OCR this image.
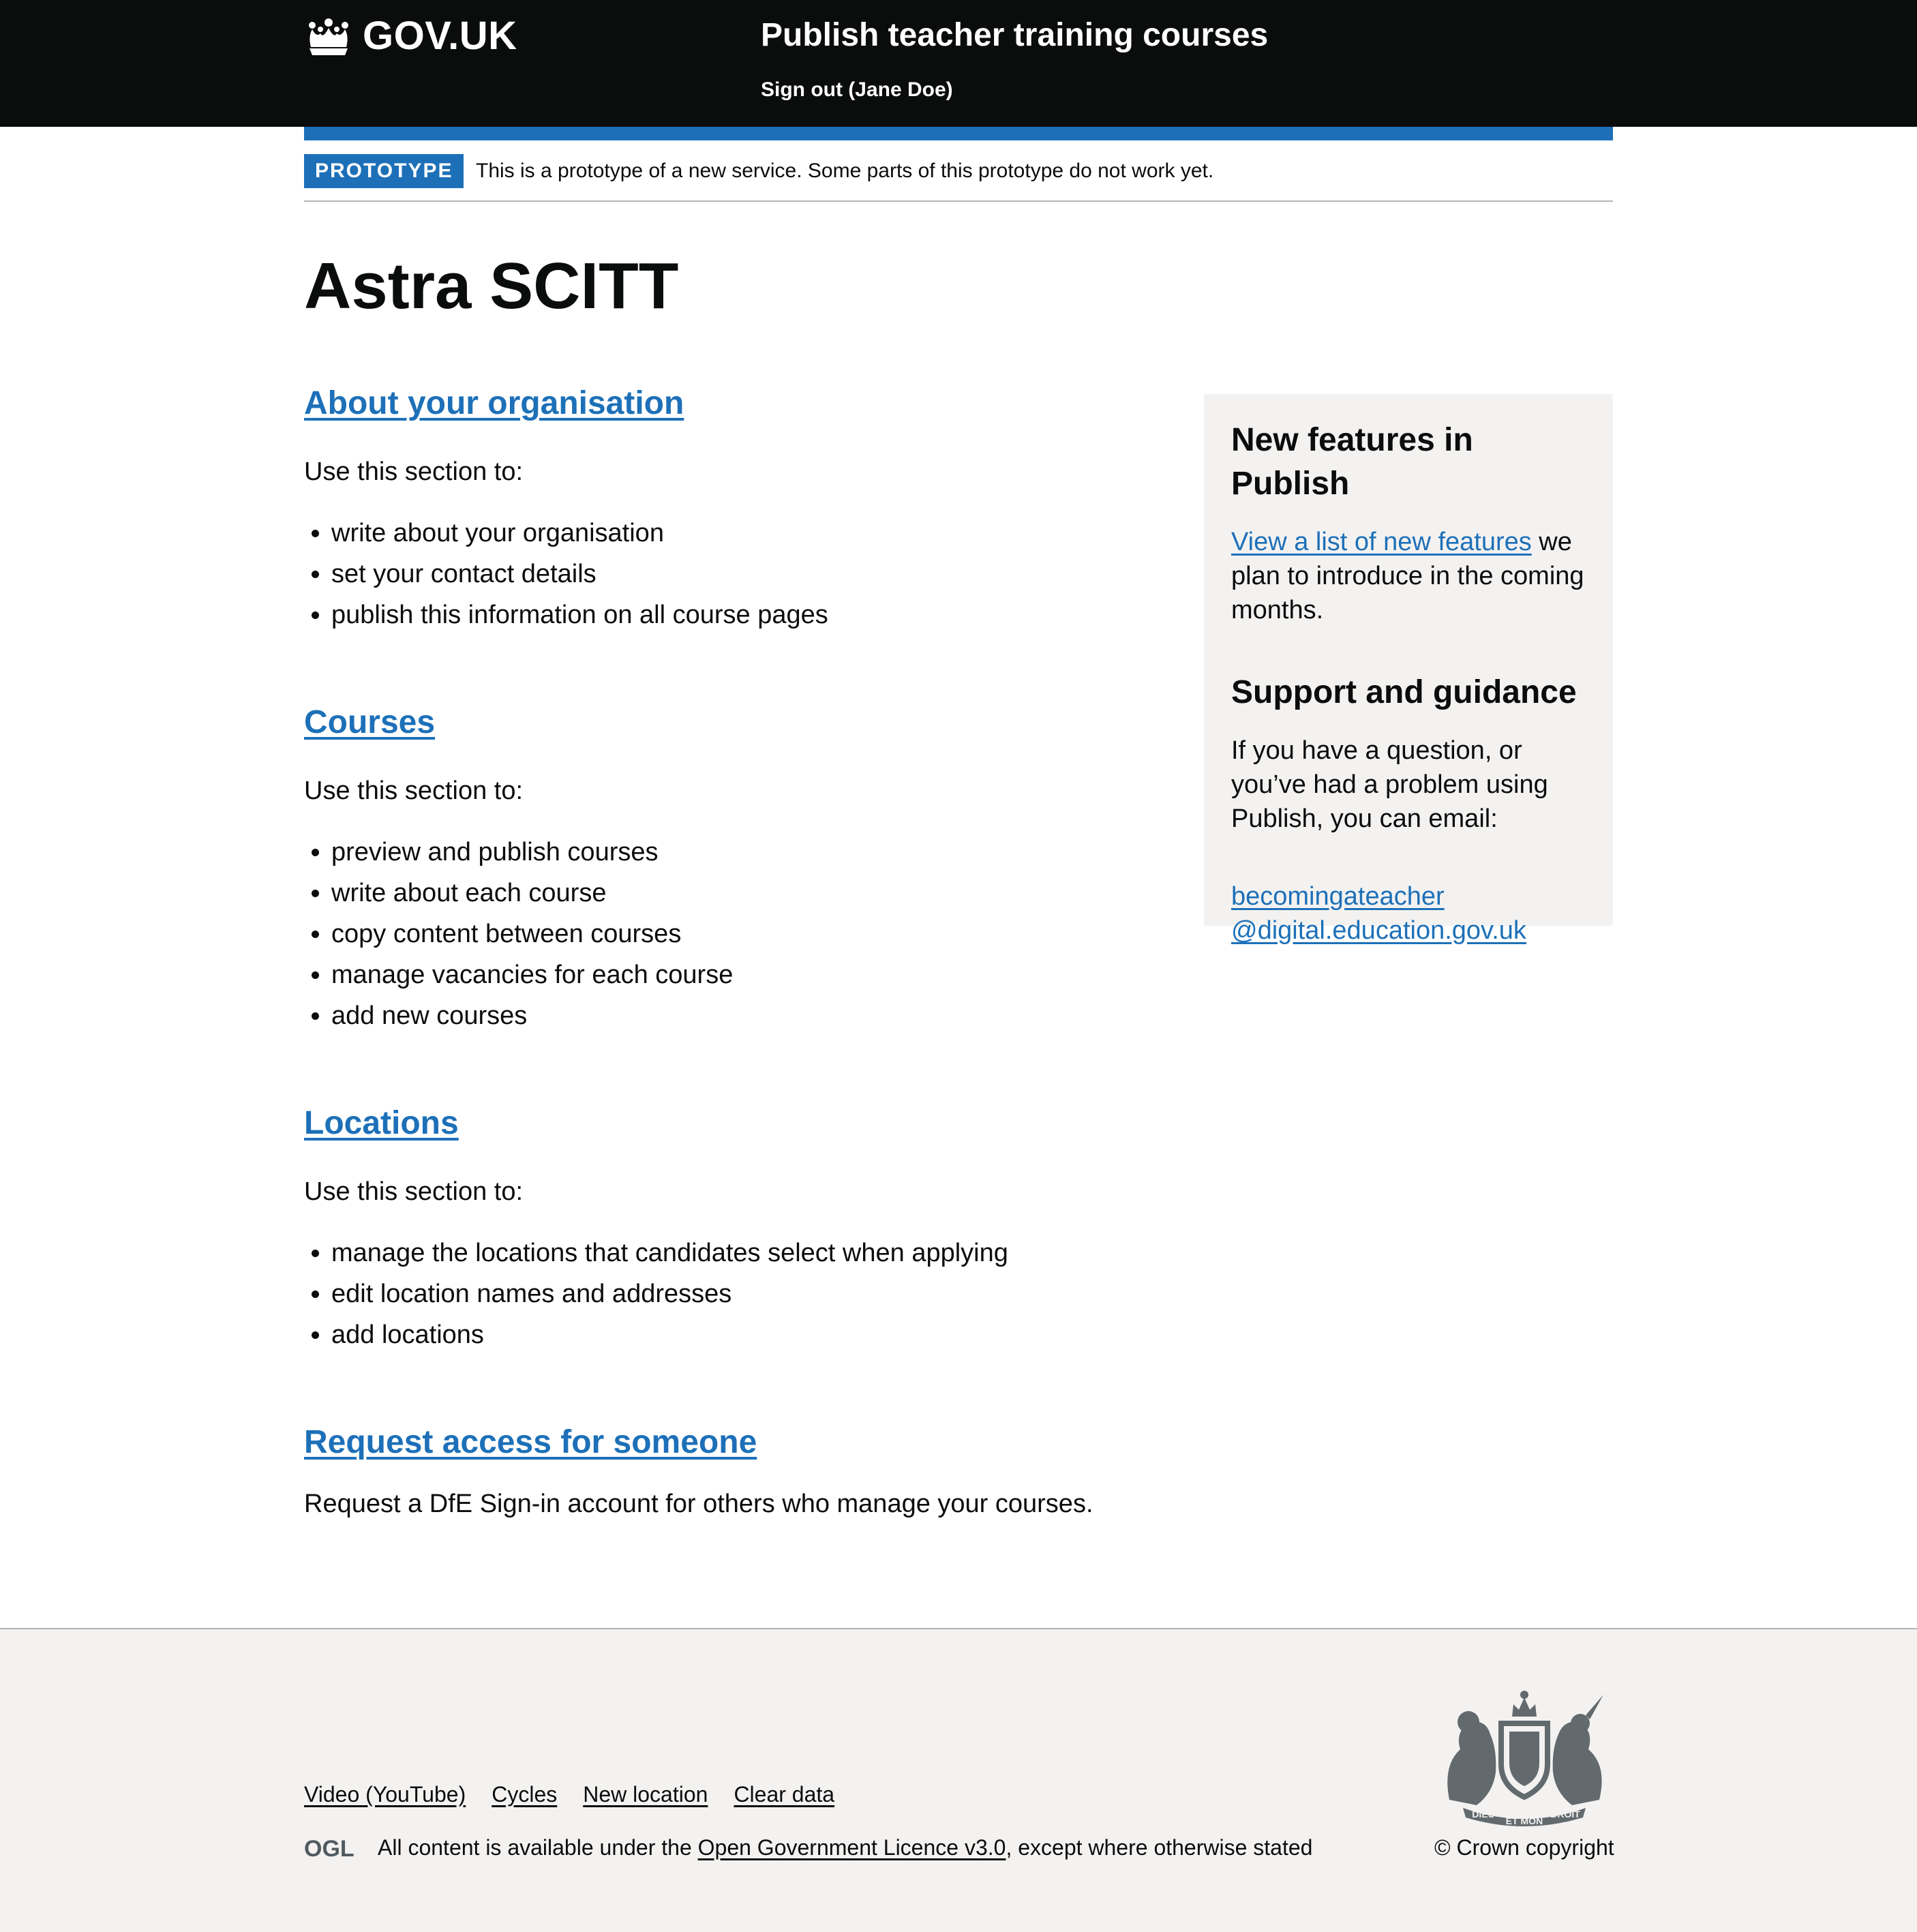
GOV.UK	Publish teacher training courses
Sign out (Jane Doe)
PROTOTYPE	This is a prototype of a new service. Some parts of this prototype do not work yet.
Astra SCITT
About your organisation

Use this section to:

• write about your organisation
• set your contact details
• publish this information on all course pages
Courses

Use this section to:

• preview and publish courses
• write about each course
• copy content between courses
• manage vacancies for each course
• add new courses
Locations

Use this section to:

• manage the locations that candidates select when applying
• edit location names and addresses
• add locations
Request access for someone

Request a DfE Sign-in account for others who manage your courses.

New features in Publish

View a list of new features we plan to introduce in the coming months.

Support and guidance

If you have a question, or you’ve had a problem using Publish, you can email:

becomingateacher
@digital.education.gov.uk

Video (YouTube) Cycles New location Clear data
OGL All content is available under the
Open Government Licence v3.0 , except where otherwise stated
DIEU
ET MON
DROIT
© Crown copyright
